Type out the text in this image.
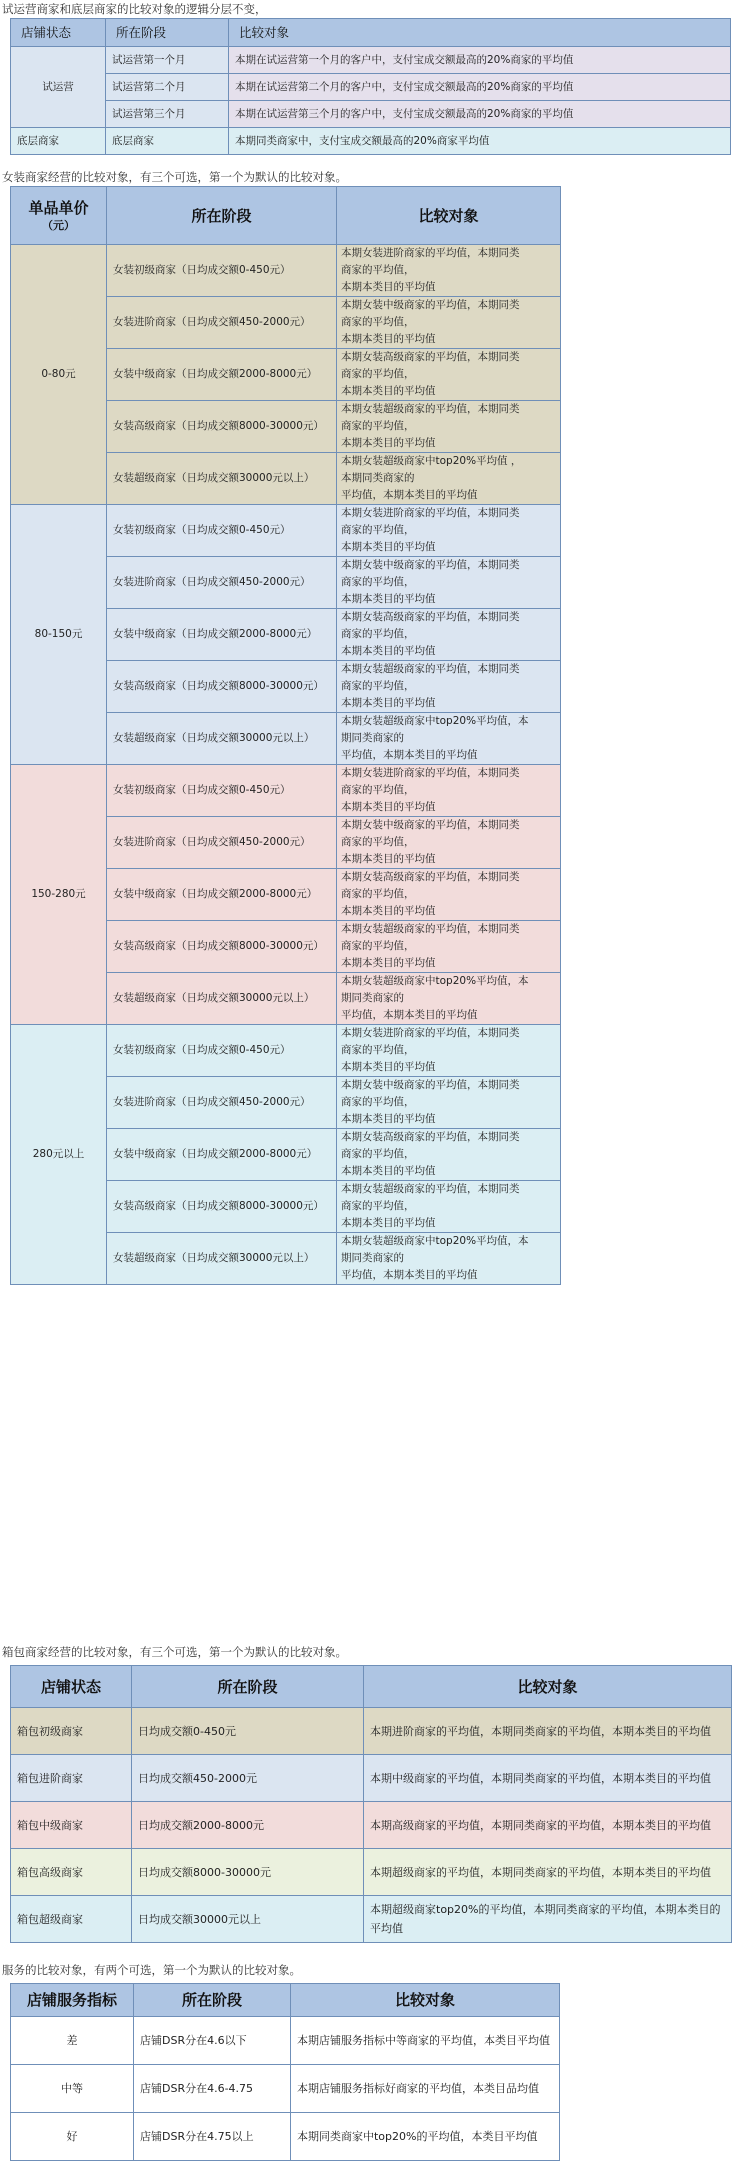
试运营商家和底层商家的比较对象的逻辑分层不变，
店铺状态	所在阶段	比较对象
试运营	试运营第一个月	本期在试运营第一个月的客户中，支付宝成交额最高的20%商家的平均值
	试运营第二个月	本期在试运营第二个月的客户中，支付宝成交额最高的20%商家的平均值
	试运营第三个月	本期在试运营第三个月的客户中，支付宝成交额最高的20%商家的平均值
底层商家	底层商家	本期同类商家中，支付宝成交额最高的20%商家平均值
女装商家经营的比较对象，有三个可选，第一个为默认的比较对象。
单品单价
（元）	所在阶段	比较对象
0-80元	女装初级商家（日均成交额0-450元）	本期女装进阶商家的平均值，本期同类
商家的平均值，
本期本类目的平均值

	女装进阶商家（日均成交额450-2000元）	本期女装中级商家的平均值，本期同类
商家的平均值，
本期本类目的平均值

	女装中级商家（日均成交额2000-8000元）	本期女装高级商家的平均值，本期同类
商家的平均值，
本期本类目的平均值

	女装高级商家（日均成交额8000-30000元）	本期女装超级商家的平均值，本期同类
商家的平均值，
本期本类目的平均值

	女装超级商家（日均成交额30000元以上）	本期女装超级商家中top20%平均值 ，
本期同类商家的
平均值，本期本类目的平均值

80-150元	女装初级商家（日均成交额0-450元）	本期女装进阶商家的平均值，本期同类
商家的平均值，
本期本类目的平均值

	女装进阶商家（日均成交额450-2000元）	本期女装中级商家的平均值，本期同类
商家的平均值，
本期本类目的平均值

	女装中级商家（日均成交额2000-8000元）	本期女装高级商家的平均值，本期同类
商家的平均值，
本期本类目的平均值

	女装高级商家（日均成交额8000-30000元）	本期女装超级商家的平均值，本期同类
商家的平均值，
本期本类目的平均值

	女装超级商家（日均成交额30000元以上）	本期女装超级商家中top20%平均值，本
期同类商家的
平均值，本期本类目的平均值

150-280元	女装初级商家（日均成交额0-450元）	本期女装进阶商家的平均值，本期同类
商家的平均值，
本期本类目的平均值

	女装进阶商家（日均成交额450-2000元）	本期女装中级商家的平均值，本期同类
商家的平均值，
本期本类目的平均值

	女装中级商家（日均成交额2000-8000元）	本期女装高级商家的平均值，本期同类
商家的平均值，
本期本类目的平均值

	女装高级商家（日均成交额8000-30000元）	本期女装超级商家的平均值，本期同类
商家的平均值，
本期本类目的平均值

	女装超级商家（日均成交额30000元以上）	本期女装超级商家中top20%平均值，本
期同类商家的
平均值，本期本类目的平均值

280元以上	女装初级商家（日均成交额0-450元）	本期女装进阶商家的平均值，本期同类
商家的平均值，
本期本类目的平均值

	女装进阶商家（日均成交额450-2000元）	本期女装中级商家的平均值，本期同类
商家的平均值，
本期本类目的平均值

	女装中级商家（日均成交额2000-8000元）	本期女装高级商家的平均值，本期同类
商家的平均值，
本期本类目的平均值

	女装高级商家（日均成交额8000-30000元）	本期女装超级商家的平均值，本期同类
商家的平均值，
本期本类目的平均值

	女装超级商家（日均成交额30000元以上）	本期女装超级商家中top20%平均值，本
期同类商家的
平均值，本期本类目的平均值
箱包商家经营的比较对象，有三个可选，第一个为默认的比较对象。
店铺状态	所在阶段	比较对象
箱包初级商家	日均成交额0-450元	本期进阶商家的平均值，本期同类商家的平均值，本期本类目的平均值
箱包进阶商家	日均成交额450-2000元	本期中级商家的平均值，本期同类商家的平均值，本期本类目的平均值
箱包中级商家	日均成交额2000-8000元	本期高级商家的平均值，本期同类商家的平均值，本期本类目的平均值
箱包高级商家	日均成交额8000-30000元	本期超级商家的平均值，本期同类商家的平均值，本期本类目的平均值
箱包超级商家	日均成交额30000元以上	本期超级商家top20%的平均值，本期同类商家的平均值，本期本类目的平均值
服务的比较对象，有两个可选，第一个为默认的比较对象。
店铺服务指标	所在阶段	比较对象
差	店铺DSR分在4.6以下	本期店铺服务指标中等商家的平均值，本类目平均值
中等	店铺DSR分在4.6-4.75	本期店铺服务指标好商家的平均值，本类目品均值
好	店铺DSR分在4.75以上	本期同类商家中top20%的平均值，本类目平均值
